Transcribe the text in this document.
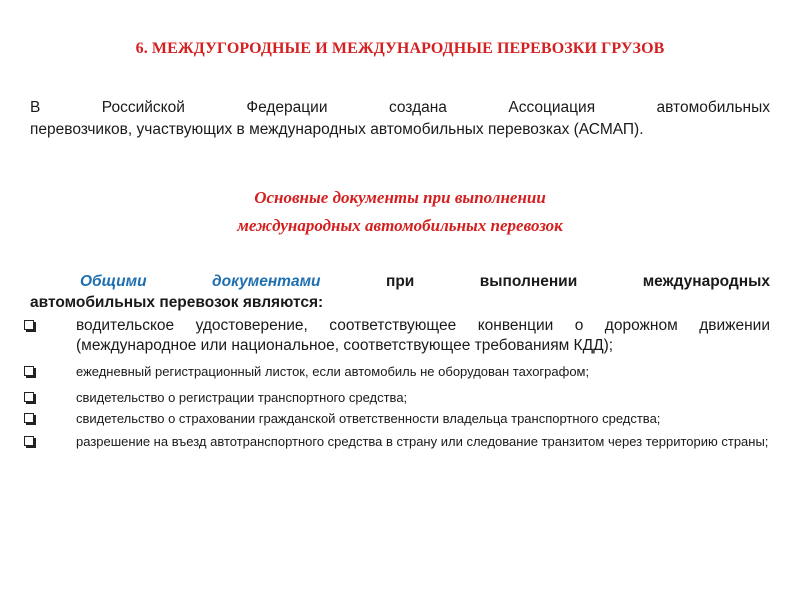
6. МЕЖДУГОРОДНЫЕ И МЕЖДУНАРОДНЫЕ ПЕРЕВОЗКИ ГРУЗОВ
В Российской Федерации создана Ассоциация автомобильных
перевозчиков, участвующих в международных автомобильных перевозках (АСМАП).
Основные документы при выполнении
международных автомобильных перевозок
Общими	документами	при	выполнении	международных
автомобильных перевозок являются:
водительское удостоверение, соответствующее конвенции о дорожном движении (международное или национальное, соответствующее требованиям КДД);
ежедневный регистрационный листок, если автомобиль не оборудован тахографом;
свидетельство о регистрации транспортного средства;
свидетельство о страховании гражданской ответственности владельца транспортного средства;
разрешение на въезд автотранспортного средства в страну или следование транзитом через территорию страны;
